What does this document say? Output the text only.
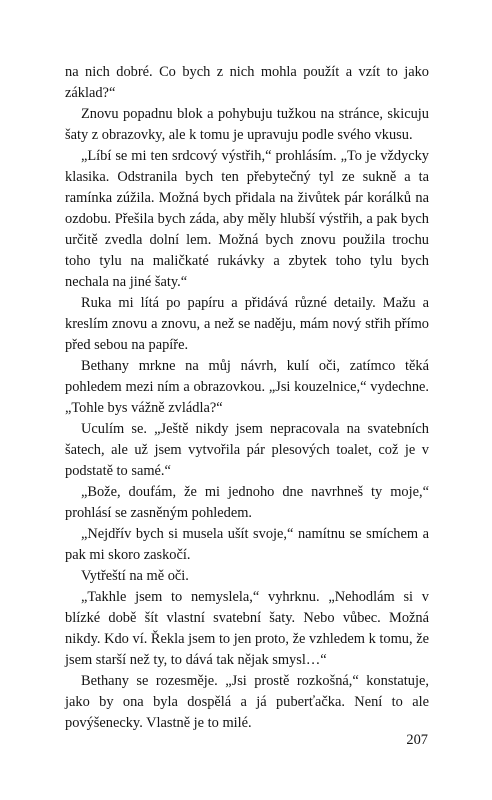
na nich dobré. Co bych z nich mohla použít a vzít to jako základ?“

Znovu popadnu blok a pohybuju tužkou na stránce, skicuju šaty z obrazovky, ale k tomu je upravuju podle svého vkusu.

„Líbí se mi ten srdcový výstřih,“ prohlásím. „To je vždycky klasika. Odstranila bych ten přebytečný tyl ze sukně a ta ramínka zúžila. Možná bych přidala na živůtek pár korálků na ozdobu. Přešila bych záda, aby měly hlubší výstřih, a pak bych určitě zvedla dolní lem. Možná bych znovu použila trochu toho tylu na maličkaté rukávky a zbytek toho tylu bych nechala na jiné šaty.“

Ruka mi lítá po papíru a přidává různé detaily. Mažu a kreslím znovu a znovu, a než se naděju, mám nový střih přímo před sebou na papíře.

Bethany mrkne na můj návrh, kulí oči, zatímco těká pohledem mezi ním a obrazovkou. „Jsi kouzelnice,“ vydechne. „Tohle bys vážně zvládla?“

Uculím se. „Ještě nikdy jsem nepracovala na svatebních šatech, ale už jsem vytvořila pár plesových toalet, což je v podstatě to samé.“

„Bože, doufám, že mi jednoho dne navrhneš ty moje,“ prohlásí se zasněným pohledem.

„Nejdřív bych si musela ušít svoje,“ namítnu se smíchem a pak mi skoro zaskočí.

Vytřeští na mě oči.

„Takhle jsem to nemyslela,“ vyhrknu. „Nehodlám si v blízké době šít vlastní svatební šaty. Nebo vůbec. Možná nikdy. Kdo ví. Řekla jsem to jen proto, že vzhledem k tomu, že jsem starší než ty, to dává tak nějak smysl…“

Bethany se rozesměje. „Jsi prostě rozkošná,“ konstatuje, jako by ona byla dospělá a já puberťačka. Není to ale povýšenecky. Vlastně je to milé.

207
